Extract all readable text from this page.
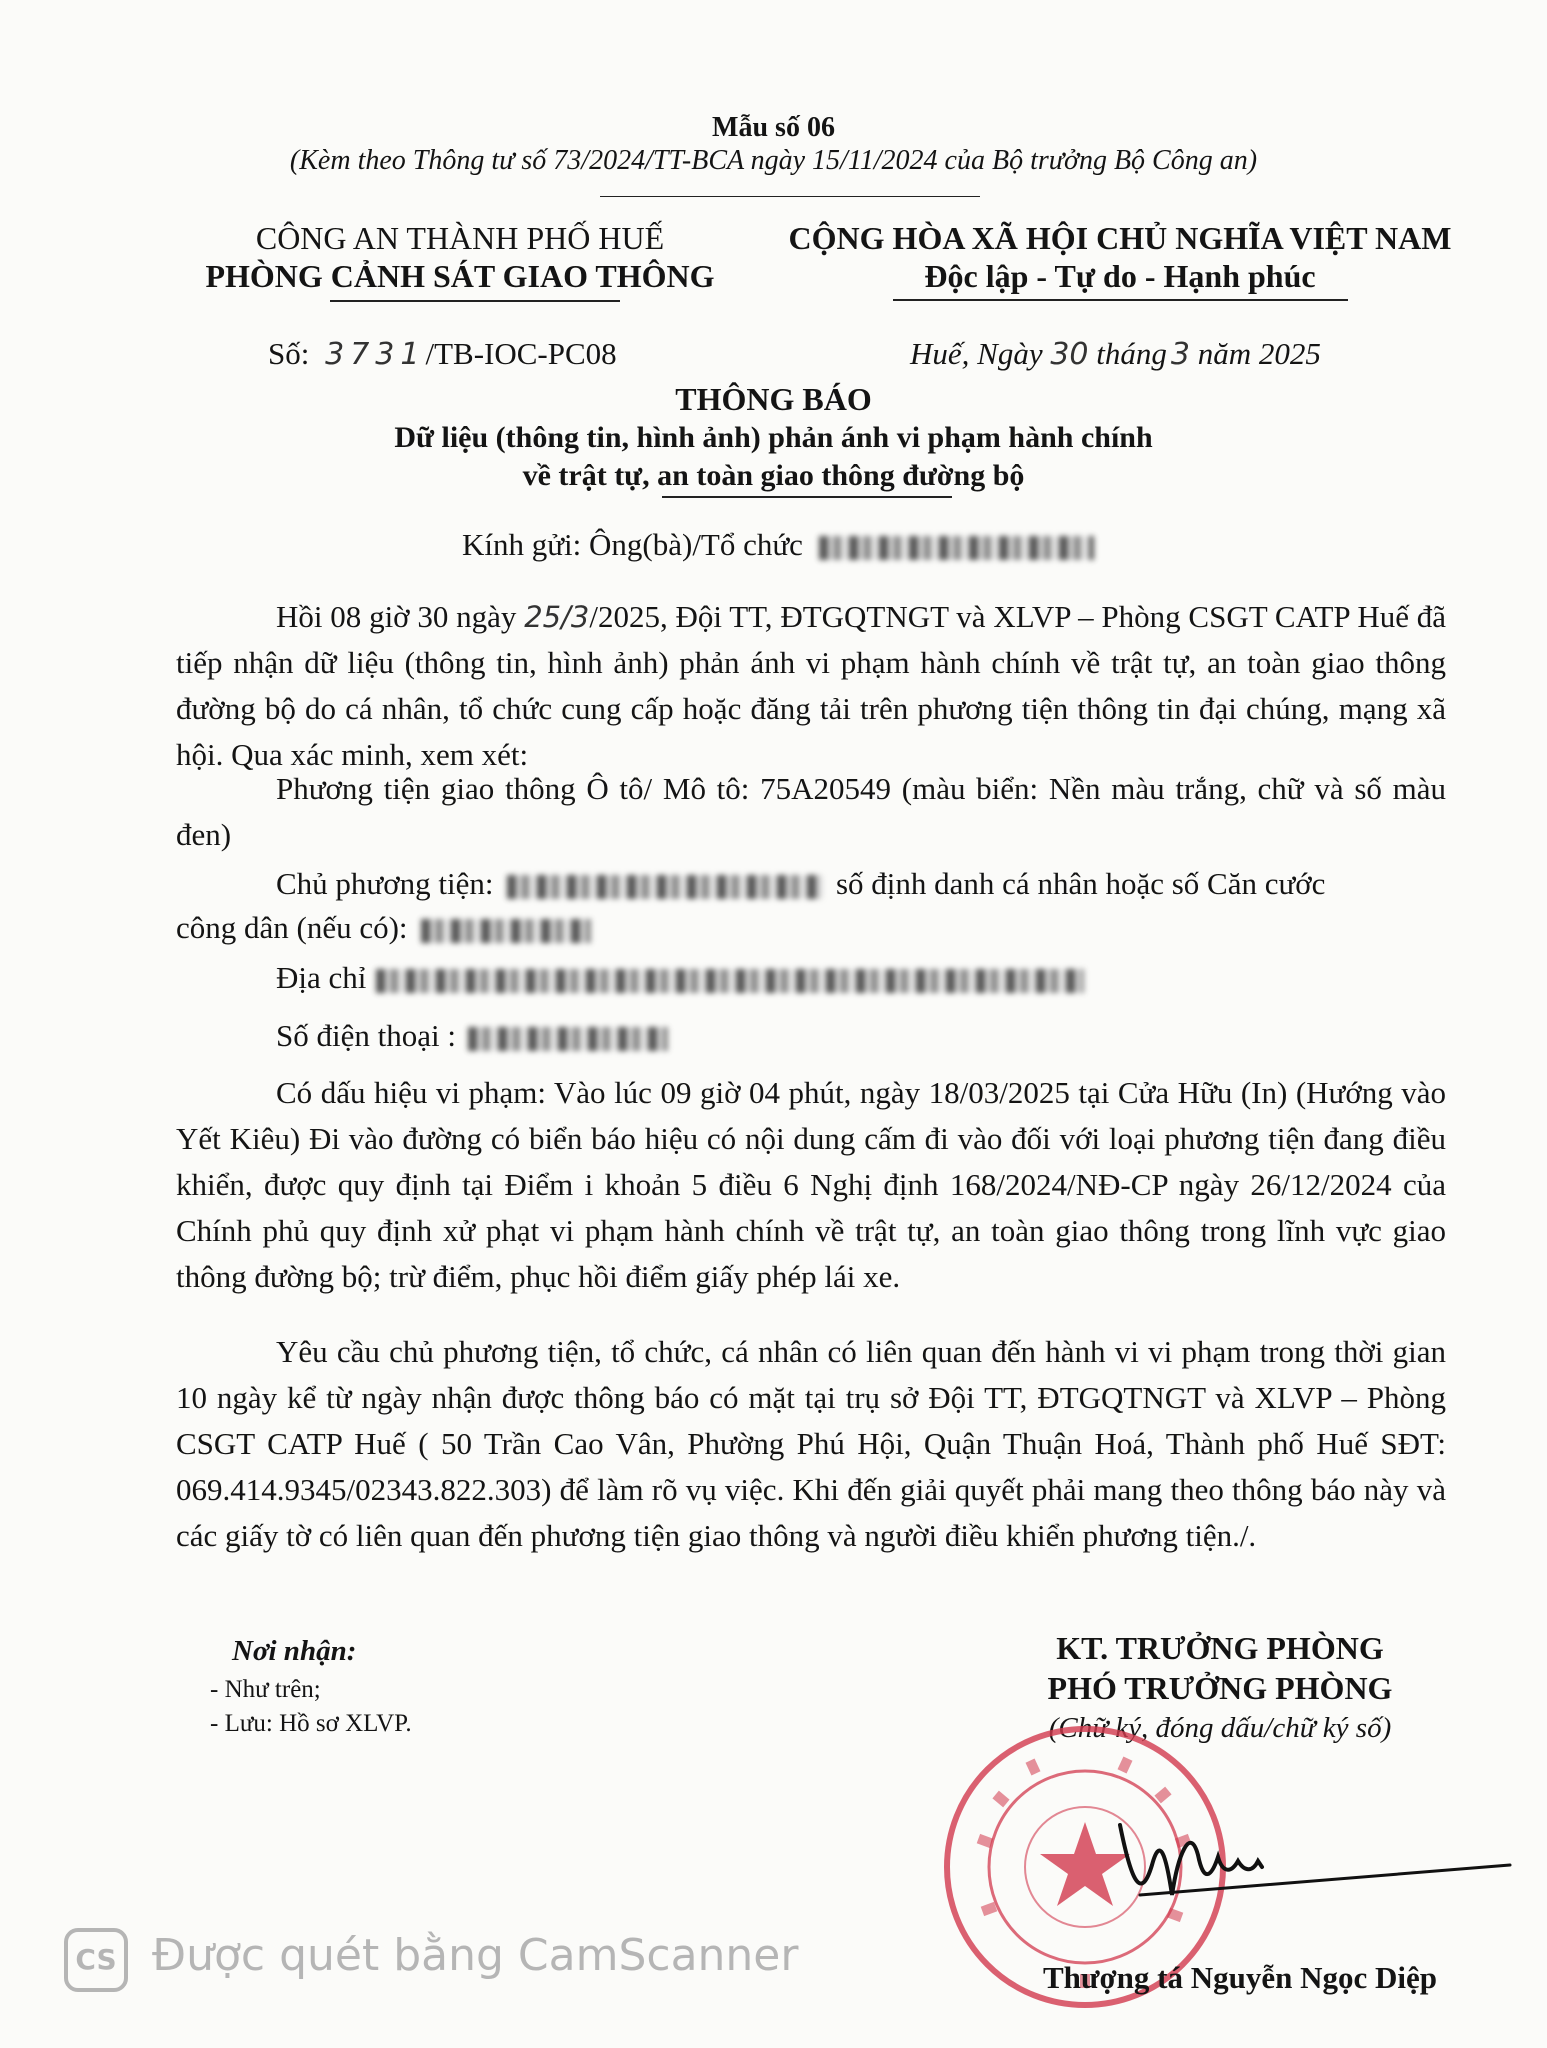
Mẫu số 06
(Kèm theo Thông tư số 73/2024/TT-BCA ngày 15/11/2024 của Bộ trưởng Bộ Công an)
CÔNG AN THÀNH PHỐ HUẾ
PHÒNG CẢNH SÁT GIAO THÔNG
CỘNG HÒA XÃ HỘI CHỦ NGHĨA VIỆT NAM
Độc lập - Tự do - Hạnh phúc
Số: 3731/TB-IOC-PC08	Huế, Ngày 30 tháng 3 năm 2025
THÔNG BÁO
Dữ liệu (thông tin, hình ảnh) phản ánh vi phạm hành chính
về trật tự, an toàn giao thông đường bộ
Kính gửi: Ông(bà)/Tổ chức
Hồi 08 giờ 30 ngày 25/3/2025, Đội TT, ĐTGQTNGT và XLVP – Phòng CSGT CATP Huế đã tiếp nhận dữ liệu (thông tin, hình ảnh) phản ánh vi phạm hành chính về trật tự, an toàn giao thông đường bộ do cá nhân, tổ chức cung cấp hoặc đăng tải trên phương tiện thông tin đại chúng, mạng xã hội. Qua xác minh, xem xét:
Phương tiện giao thông Ô tô/ Mô tô: 75A20549 (màu biển: Nền màu trắng, chữ và số màu đen)
Chủ phương tiện:	số định danh cá nhân hoặc số Căn cước
công dân (nếu có):
Địa chỉ
Số điện thoại :
Có dấu hiệu vi phạm: Vào lúc 09 giờ 04 phút, ngày 18/03/2025 tại Cửa Hữu (In) (Hướng vào Yết Kiêu) Đi vào đường có biển báo hiệu có nội dung cấm đi vào đối với loại phương tiện đang điều khiển, được quy định tại Điểm i khoản 5 điều 6 Nghị định 168/2024/NĐ-CP ngày 26/12/2024 của Chính phủ quy định xử phạt vi phạm hành chính về trật tự, an toàn giao thông trong lĩnh vực giao thông đường bộ; trừ điểm, phục hồi điểm giấy phép lái xe.
Yêu cầu chủ phương tiện, tổ chức, cá nhân có liên quan đến hành vi vi phạm trong thời gian 10 ngày kể từ ngày nhận được thông báo có mặt tại trụ sở Đội TT, ĐTGQTNGT và XLVP – Phòng CSGT CATP Huế ( 50 Trần Cao Vân, Phường Phú Hội, Quận Thuận Hoá, Thành phố Huế SĐT: 069.414.9345/02343.822.303) để làm rõ vụ việc. Khi đến giải quyết phải mang theo thông báo này và các giấy tờ có liên quan đến phương tiện giao thông và người điều khiển phương tiện./.
Nơi nhận:
- Như trên;
- Lưu: Hồ sơ XLVP.
KT. TRƯỞNG PHÒNG
PHÓ TRƯỞNG PHÒNG
(Chữ ký, đóng dấu/chữ ký số)
Thượng tá Nguyễn Ngọc Diệp
CS Được quét bằng CamScanner
